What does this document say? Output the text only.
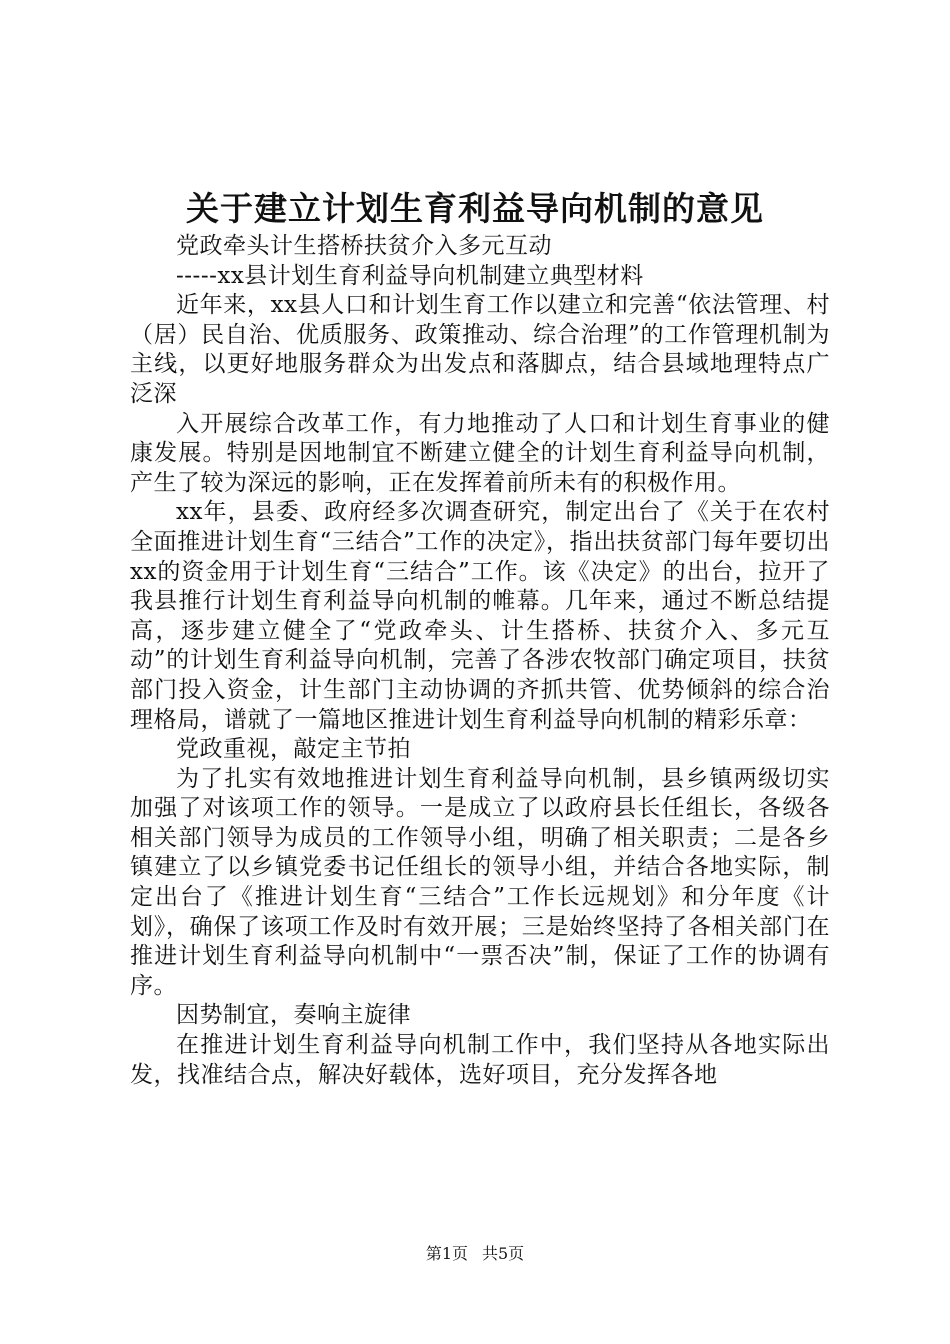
关于建立计划生育利益导向机制的意见

党政牵头计生搭桥扶贫介入多元互动

-----xx县计划生育利益导向机制建立典型材料

近年来，xx县人口和计划生育工作以建立和完善“依法管理、村（居）民自治、优质服务、政策推动、综合治理”的工作管理机制为主线，以更好地服务群众为出发点和落脚点，结合县域地理特点广泛深

入开展综合改革工作，有力地推动了人口和计划生育事业的健康发展。特别是因地制宜不断建立健全的计划生育利益导向机制，产生了较为深远的影响，正在发挥着前所未有的积极作用。

xx年，县委、政府经多次调查研究，制定出台了《关于在农村全面推进计划生育“三结合”工作的决定》，指出扶贫部门每年要切出xx的资金用于计划生育“三结合”工作。该《决定》的出台，拉开了我县推行计划生育利益导向机制的帷幕。几年来，通过不断总结提高，逐步建立健全了“党政牵头、计生搭桥、扶贫介入、多元互动”的计划生育利益导向机制，完善了各涉农牧部门确定项目，扶贫部门投入资金，计生部门主动协调的齐抓共管、优势倾斜的综合治理格局，谱就了一篇地区推进计划生育利益导向机制的精彩乐章：

党政重视，敲定主节拍

为了扎实有效地推进计划生育利益导向机制，县乡镇两级切实加强了对该项工作的领导。一是成立了以政府县长任组长，各级各相关部门领导为成员的工作领导小组，明确了相关职责；二是各乡镇建立了以乡镇党委书记任组长的领导小组，并结合各地实际，制定出台了《推进计划生育“三结合”工作长远规划》和分年度《计划》，确保了该项工作及时有效开展；三是始终坚持了各相关部门在推进计划生育利益导向机制中“一票否决”制，保证了工作的协调有序。

因势制宜，奏响主旋律

在推进计划生育利益导向机制工作中，我们坚持从各地实际出发，找准结合点，解决好载体，选好项目，充分发挥各地

第1页 共5页
